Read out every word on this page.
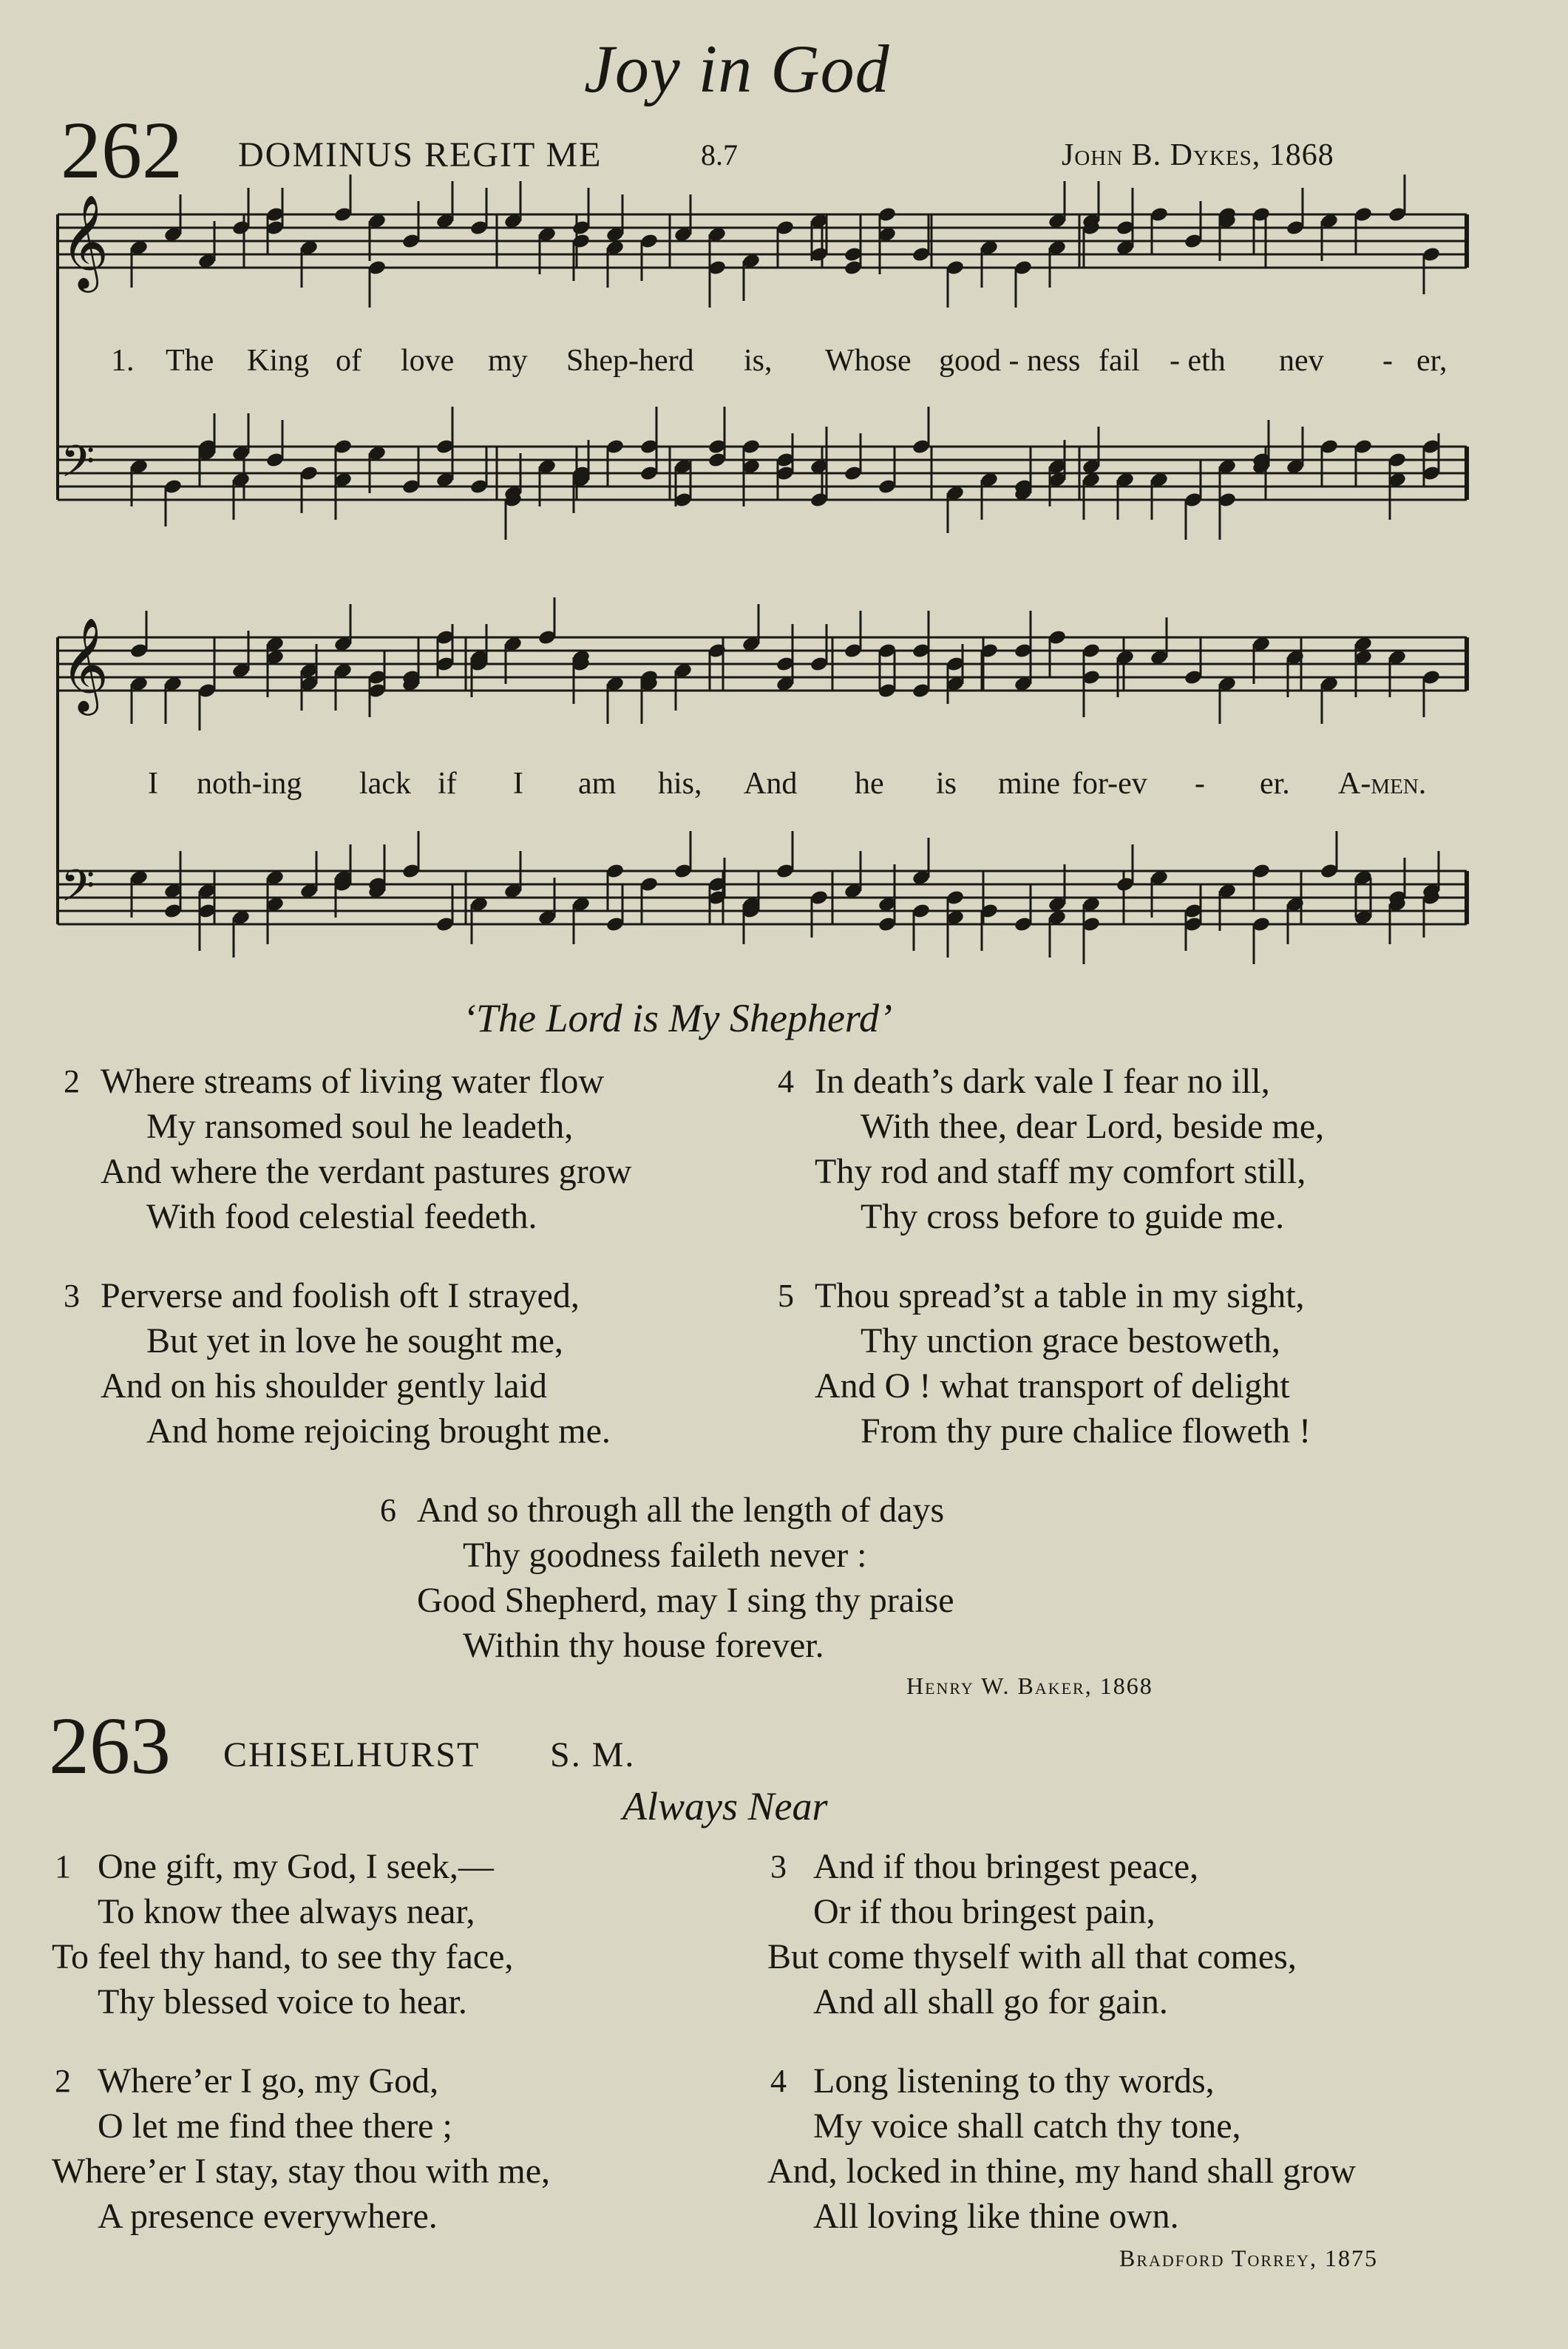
Joy in God
262 DOMINUS REGIT ME	8.7	John B. Dykes, 1868
𝄞
𝄢
𝄞
𝄢
1. The King of love my Shep-herd is, Whose good - ness fail - eth nev - er,
I noth-ing lack if I am his, And he is mine for-ev - er. A-men.
‘The Lord is My Shepherd’
2 Where streams of living water flow
My ransomed soul he leadeth,
And where the verdant pastures grow
With food celestial feedeth.
3 Perverse and foolish oft I strayed,
But yet in love he sought me,
And on his shoulder gently laid
And home rejoicing brought me.
4 In death’s dark vale I fear no ill,
With thee, dear Lord, beside me,
Thy rod and staff my comfort still,
Thy cross before to guide me.
5 Thou spread’st a table in my sight,
Thy unction grace bestoweth,
And O ! what transport of delight
From thy pure chalice floweth !
6 And so through all the length of days
Thy goodness faileth never :
Good Shepherd, may I sing thy praise
Within thy house forever.
Henry W. Baker, 1868
263 CHISELHURST S. M.
Always Near
1 One gift, my God, I seek,—
To know thee always near,
To feel thy hand, to see thy face,
Thy blessed voice to hear.
2 Where’er I go, my God,
O let me find thee there ;
Where’er I stay, stay thou with me,
A presence everywhere.
3 And if thou bringest peace,
Or if thou bringest pain,
But come thyself with all that comes,
And all shall go for gain.
4 Long listening to thy words,
My voice shall catch thy tone,
And, locked in thine, my hand shall grow
All loving like thine own.
Bradford Torrey, 1875
